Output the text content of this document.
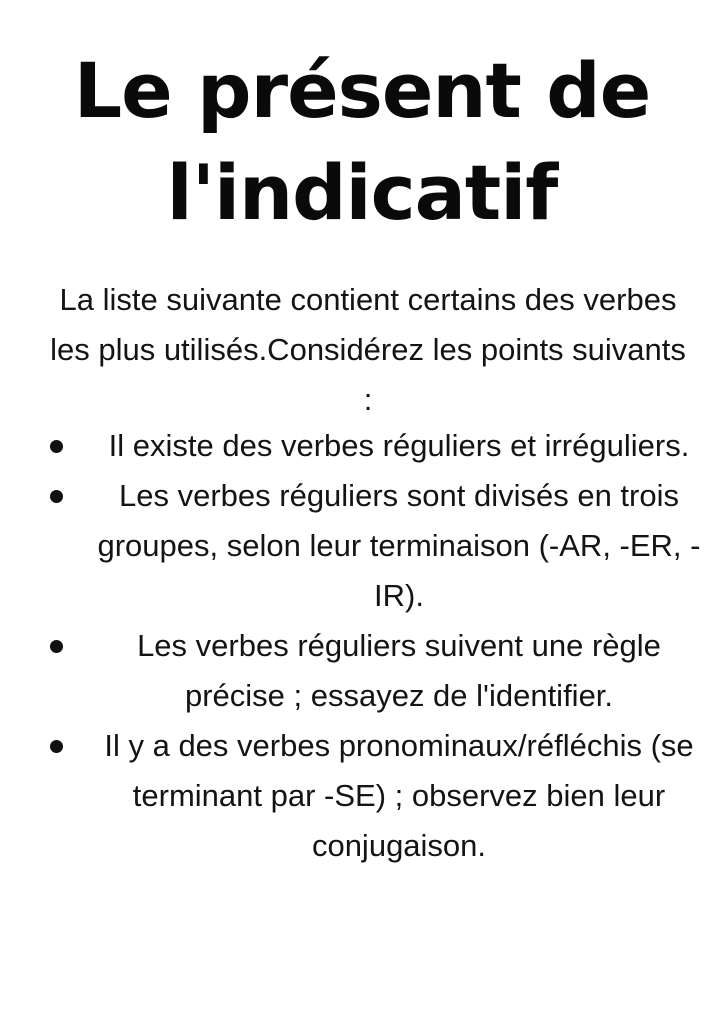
Le présent de l'indicatif

La liste suivante contient certains des verbes les plus utilisés.Considérez les points suivants :

Il existe des verbes réguliers et irréguliers.
Les verbes réguliers sont divisés en trois groupes, selon leur terminaison (-AR, -ER, -IR).
Les verbes réguliers suivent une règle précise ; essayez de l'identifier.
Il y a des verbes pronominaux/réfléchis (se terminant par -SE) ; observez bien leur conjugaison.
